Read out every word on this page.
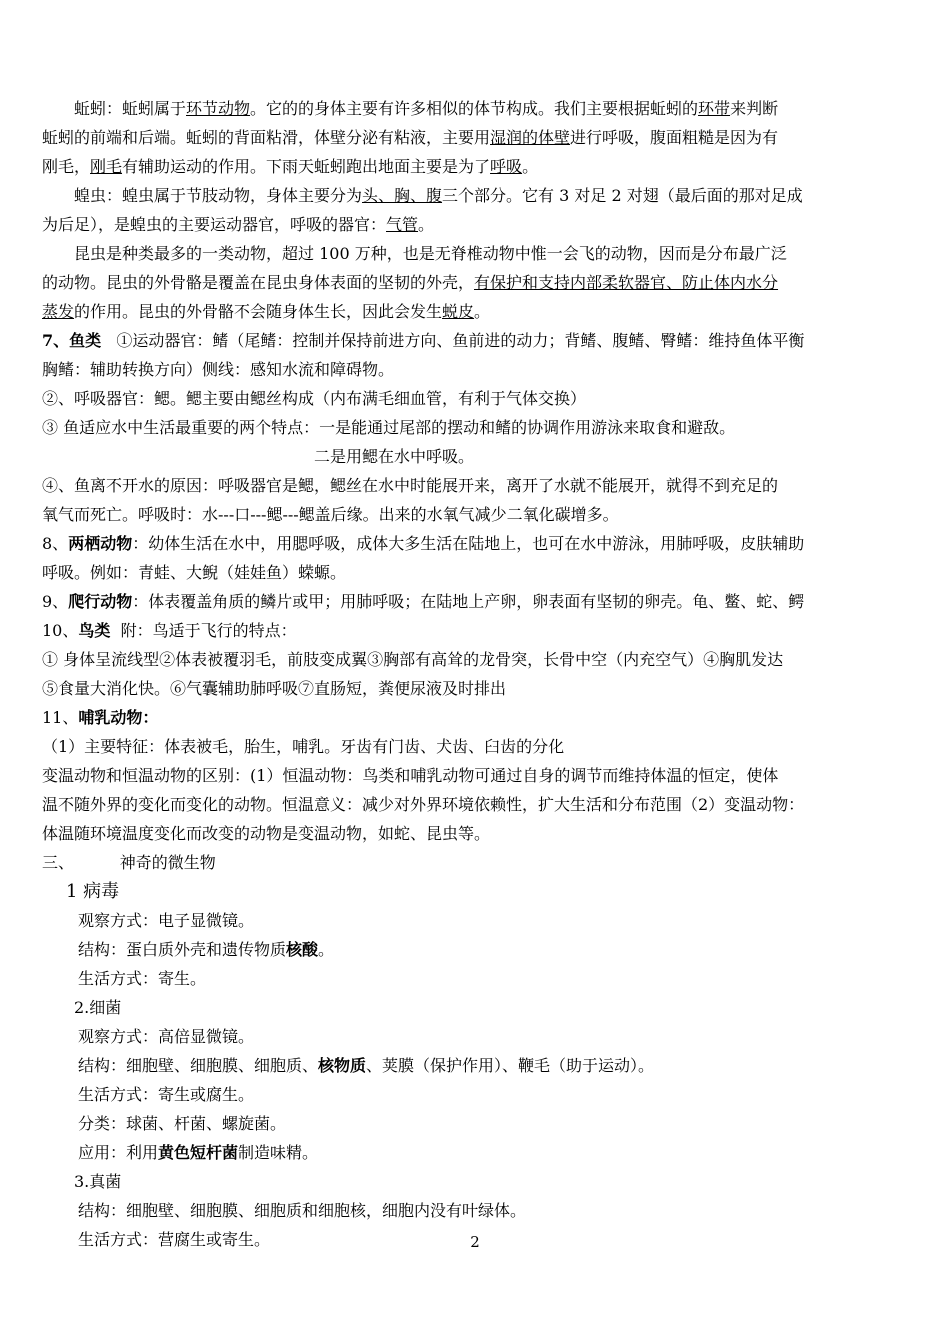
蚯蚓：蚯蚓属于环节动物。它的的身体主要有许多相似的体节构成。我们主要根据蚯蚓的环带来判断
蚯蚓的前端和后端。蚯蚓的背面粘滑，体壁分泌有粘液，主要用湿润的体壁进行呼吸，腹面粗糙是因为有
刚毛，刚毛有辅助运动的作用。下雨天蚯蚓跑出地面主要是为了呼吸。
蝗虫：蝗虫属于节肢动物，身体主要分为头、胸、腹三个部分。它有 3 对足 2 对翅（最后面的那对足成
为后足），是蝗虫的主要运动器官，呼吸的器官：气管。
昆虫是种类最多的一类动物，超过 100 万种，也是无脊椎动物中惟一会飞的动物，因而是分布最广泛
的动物。昆虫的外骨骼是覆盖在昆虫身体表面的坚韧的外壳，有保护和支持内部柔软器官、防止体内水分
蒸发的作用。昆虫的外骨骼不会随身体生长，因此会发生蜕皮。
7、鱼类 ①运动器官：鳍（尾鳍：控制并保持前进方向、鱼前进的动力；背鳍、腹鳍、臀鳍：维持鱼体平衡
胸鳍：辅助转换方向）侧线：感知水流和障碍物。
②、呼吸器官：鳃。鳃主要由鳃丝构成（内布满毛细血管，有利于气体交换）
③ 鱼适应水中生活最重要的两个特点：一是能通过尾部的摆动和鳍的协调作用游泳来取食和避敌。
二是用鳃在水中呼吸。
④、鱼离不开水的原因：呼吸器官是鳃，鳃丝在水中时能展开来，离开了水就不能展开，就得不到充足的
氧气而死亡。呼吸时：水---口---鳃---鳃盖后缘。出来的水氧气减少二氧化碳增多。
8、两栖动物：幼体生活在水中，用腮呼吸，成体大多生活在陆地上，也可在水中游泳，用肺呼吸，皮肤辅助
呼吸。例如：青蛙、大鲵（娃娃鱼）蝾螈。
9、爬行动物：体表覆盖角质的鳞片或甲；用肺呼吸；在陆地上产卵，卵表面有坚韧的卵壳。龟、鳖、蛇、鳄
10、鸟类 附：鸟适于飞行的特点：
① 身体呈流线型②体表被覆羽毛，前肢变成翼③胸部有高耸的龙骨突，长骨中空（内充空气）④胸肌发达
⑤食量大消化快。⑥气囊辅助肺呼吸⑦直肠短，粪便尿液及时排出
11、哺乳动物：
（1）主要特征：体表被毛，胎生，哺乳。牙齿有门齿、犬齿、臼齿的分化
变温动物和恒温动物的区别：(1）恒温动物：鸟类和哺乳动物可通过自身的调节而维持体温的恒定，使体
温不随外界的变化而变化的动物。恒温意义：减少对外界环境依赖性，扩大生活和分布范围（2）变温动物：
体温随环境温度变化而改变的动物是变温动物，如蛇、昆虫等。
三、	神奇的微生物
1 病毒
观察方式：电子显微镜。
结构：蛋白质外壳和遗传物质核酸。
生活方式：寄生。
2.细菌
观察方式：高倍显微镜。
结构：细胞壁、细胞膜、细胞质、核物质、荚膜（保护作用）、鞭毛（助于运动）。
生活方式：寄生或腐生。
分类：球菌、杆菌、螺旋菌。
应用：利用黄色短杆菌制造味精。
3.真菌
结构：细胞壁、细胞膜、细胞质和细胞核，细胞内没有叶绿体。
生活方式：营腐生或寄生。	2
